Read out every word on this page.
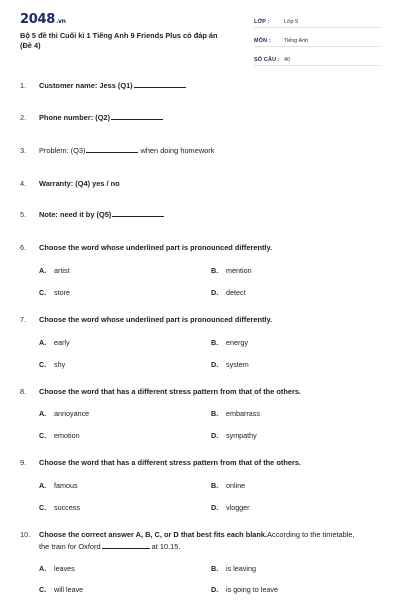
2048.vn
Bộ 5 đề thi Cuối kì 1 Tiếng Anh 9 Friends Plus có đáp án (Đề 4)
LỚP :	Lớp 9
MÔN :	Tiếng Anh
SỐ CÂU : 40
1.	Customer name: Jess (Q1)
2.	Phone number: (Q2)
3.	Problem: (Q3)	when doing homework
4.	Warranty: (Q4) yes / no
5.	Note: need it by (Q5)
6.	Choose the word whose underlined part is pronounced differently.
A. artist	B. mention
C. store	D. detect
7.	Choose the word whose underlined part is pronounced differently.
A. early	B. energy
C. shy	D. system
8.	Choose the word that has a different stress pattern from that of the others.
A. annoyance	B. embarrass
C. emotion	D. sympathy
9.	Choose the word that has a different stress pattern from that of the others.
A. famous	B. online
C. success	D. vlogger
10.	Choose the correct answer A, B, C, or D that best fits each blank.According to the timetable,
the train for Oxford	at 10.15.
A. leaves	B. is leaving
C. will leave	D. is going to leave
